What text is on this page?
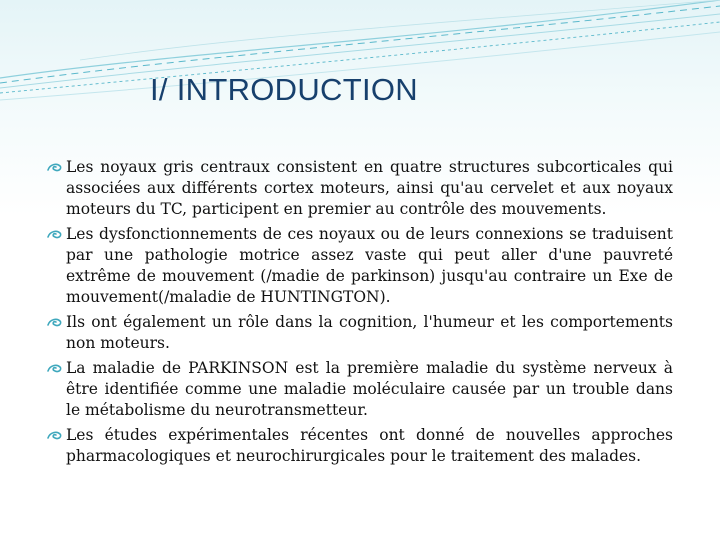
I/ INTRODUCTION
Les noyaux gris centraux consistent en quatre structures subcorticales qui associées aux différents cortex moteurs, ainsi qu'au cervelet et aux noyaux moteurs du TC, participent en premier au contrôle des mouvements.
Les dysfonctionnements de ces noyaux ou de leurs connexions se traduisent par une pathologie motrice assez vaste qui peut aller d'une pauvreté extrême de mouvement (/madie de parkinson) jusqu'au contraire un Exe de mouvement(/maladie de HUNTINGTON).
Ils ont également un rôle dans la cognition, l'humeur et les comportements non moteurs.
La maladie de PARKINSON est la première maladie du système nerveux à être identifiée comme une maladie moléculaire causée par un trouble dans le métabolisme du neurotransmetteur.
Les études expérimentales récentes ont donné de nouvelles approches pharmacologiques et neurochirurgicales pour le traitement des malades.
